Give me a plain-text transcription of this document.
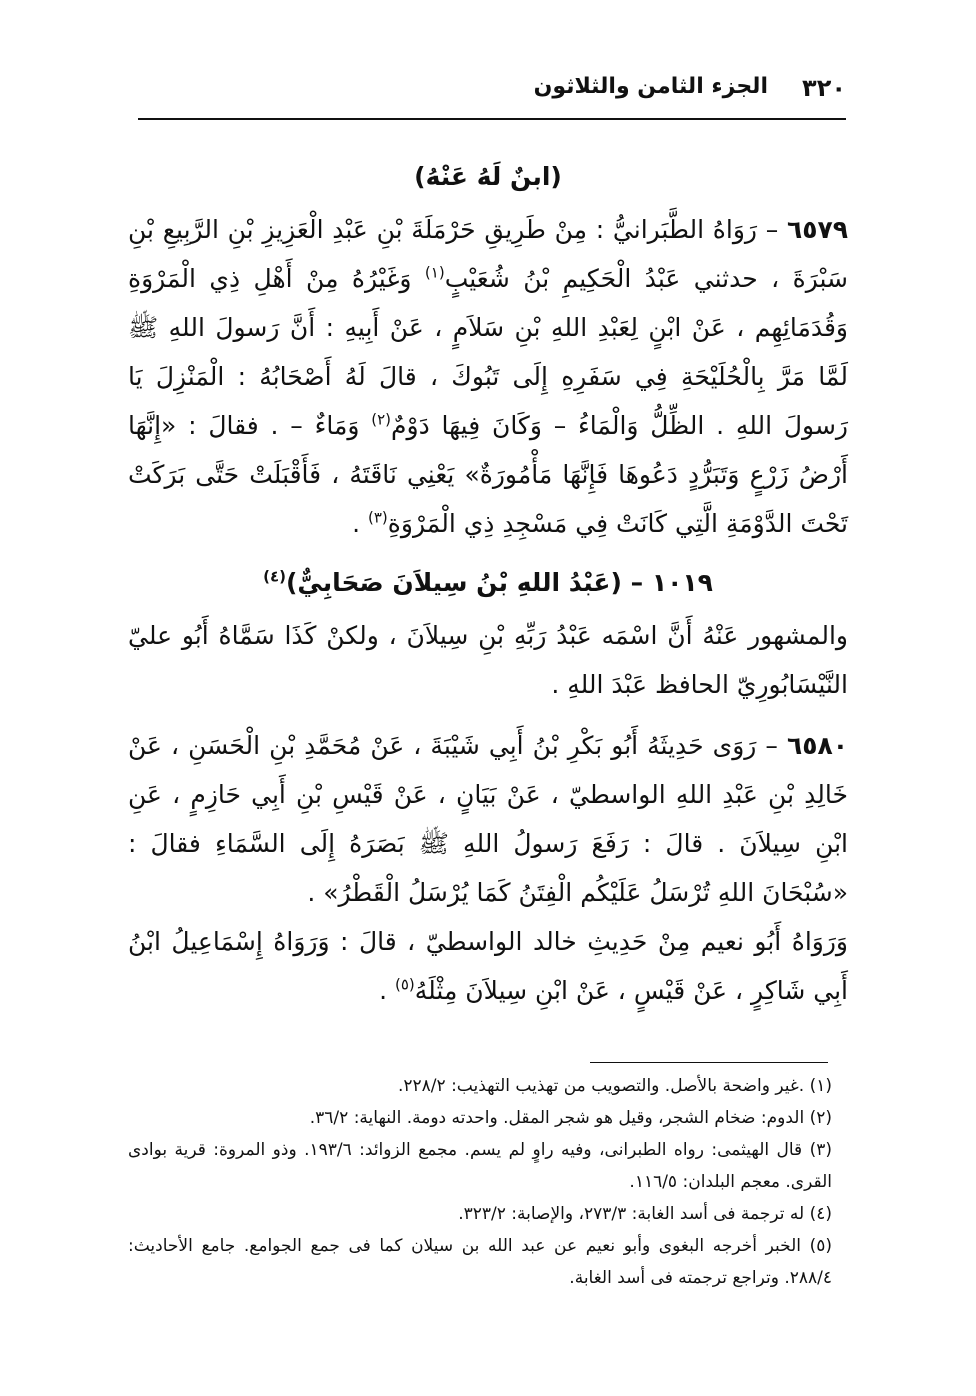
٣٢٠
الجزء الثامن والثلاثون

(ابنٌ لَهُ عَنْهُ)

٦٥٧٩ – رَوَاهُ الطَّبَرانيُّ : مِنْ طَرِيقِ حَرْمَلَةَ بْنِ عَبْدِ الْعَزِيزِ بْنِ الرَّبِيعِ بْنِ سَبْرَةَ ، حدثني عَبْدُ الْحَكِيمِ بْنُ شُعَيْبٍ$^{(١)}$ وَغَيْرُهُ مِنْ أَهْلِ ذِي الْمَرْوَةِ وَقُدَمَائِهِم ، عَنْ ابْنٍ لِعَبْدِ اللهِ بْنِ سَلاَمٍ ، عَنْ أَبِيهِ : أَنَّ رَسولَ اللهِ ﷺ لَمَّا مَرَّ بِالْحُلَيْحَةِ فِي سَفَرِهِ إِلَى تَبُوكَ ، قالَ لَهُ أَصْحَابُهُ : الْمَنْزِلَ يَا رَسولَ اللهِ . الظِّلُّ وَالْمَاءُ – وَكَانَ فِيهَا دَوْمٌ$^{(٢)}$ وَمَاءٌ – . فقالَ : «إِنَّهَا أَرْضُ زَرْعٍ وَتَبَرُّدٍ دَعُوهَا فَإِنَّهَا مَأْمُورَةٌ» يَعْنِي نَاقَتَهُ ، فَأَقْبَلَتْ حَتَّى بَرَكَتْ تَحْتَ الدَّوْمَةِ الَّتِي كَانَتْ فِي مَسْجِدِ ذِي الْمَرْوَةِ$^{(٣)}$ .

١٠١٩ – (عَبْدُ اللهِ بْنُ سِيلاَنَ صَحَابِيٌّ)$^{(٤)}$

والمشهور عَنْهُ أَنَّ اسْمَه عَبْدُ رَبِّهِ بْنِ سِيلاَنَ ، ولكنْ كَذَا سَمَّاهُ أَبُو عليّ النَّيْسَابُورِيّ الحافظ عَبْدَ اللهِ .

٦٥٨٠ – رَوَى حَدِيثَهُ أَبُو بَكْرِ بْنُ أَبِي شَيْبَةَ ، عَنْ مُحَمَّدِ بْنِ الْحَسَنِ ، عَنْ خَالِدِ بْنِ عَبْدِ اللهِ الواسطيّ ، عَنْ بَيَانٍ ، عَنْ قَيْسِ بْنِ أَبِي حَازِمٍ ، عَنِ ابْنِ سِيلاَنَ . قالَ : رَفَعَ رَسولُ اللهِ ﷺ بَصَرَهُ إِلَى السَّمَاءِ فقالَ : «سُبْحَانَ اللهِ تُرْسَلُ عَلَيْكُم الْفِتَنُ كَمَا يُرْسَلُ الْقَطْرُ» .

وَرَوَاهُ أَبُو نعيم مِنْ حَدِيثِ خالد الواسطيّ ، قالَ : وَرَوَاهُ إِسْمَاعِيلُ ابْنُ أَبِي شَاكِرٍ ، عَنْ قَيْسٍ ، عَنْ ابْنِ سِيلاَنَ مِثْلَهُ$^{(٥)}$ .

(١) .غير واضحة بالأصل. والتصويب من تهذيب التهذيب: ٢٢٨/٢.

(٢) الدوم: ضخام الشجر، وقيل هو شجر المقل. واحدته دومة. النهاية: ٣٦/٢.

(٣) قال الهيثمى: رواه الطبرانى، وفيه راوٍ لم يسم. مجمع الزوائد: ١٩٣/٦. وذو المروة: قرية بوادى القرى. معجم البلدان: ١١٦/٥.

(٤) له ترجمة فى أسد الغابة: ٢٧٣/٣، والإصابة: ٣٢٣/٢.

(٥) الخبر أخرجه البغوى وأبو نعيم عن عبد الله بن سيلان كما فى جمع الجوامع. جامع الأحاديث: ٢٨٨/٤. وتراجع ترجمته فى أسد الغابة.
